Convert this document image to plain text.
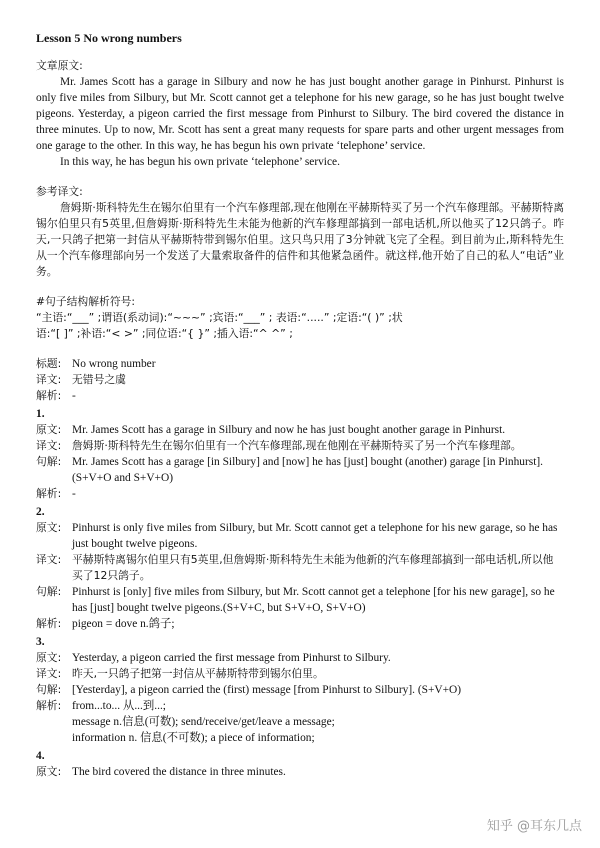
Lesson 5 No wrong numbers
文章原文:

Mr. James Scott has a garage in Silbury and now he has just bought another garage in Pinhurst. Pinhurst is only five miles from Silbury, but Mr. Scott cannot get a telephone for his new garage, so he has just bought twelve pigeons. Yesterday, a pigeon carried the first message from Pinhurst to Silbury. The bird covered the distance in three minutes. Up to now, Mr. Scott has sent a great many requests for spare parts and other urgent messages from one garage to the other. In this way, he has begun his own private ‘telephone’ service.

In this way, he has begun his own private ‘telephone’ service.

参考译文:

詹姆斯·斯科特先生在锡尔伯里有一个汽车修理部,现在他刚在平赫斯特买了另一个汽车修理部。平赫斯特离锡尔伯里只有5英里,但詹姆斯·斯科特先生未能为他新的汽车修理部搞到一部电话机,所以他买了12只鸽子。昨天,一只鸽子把第一封信从平赫斯特带到锡尔伯里。这只鸟只用了3分钟就飞完了全程。到目前为止,斯科特先生从一个汽车修理部向另一个发送了大量索取备件的信件和其他紧急函件。就这样,他开始了自己的私人“电话”业务。

#句子结构解析符号:
“主语:“___” ;谓语(系动词):“~~~” ;宾语:“___” ; 表语:“.....” ;定语:“( )” ;状
语:“[ ]” ;补语:“< >” ;同位语:“{ }” ;插入语:“^ ^” ;
标题: No wrong number
译文: 无错号之虞
解析: -
1.
原文: Mr. James Scott has a garage in Silbury and now he has just bought another garage in Pinhurst.
译文: 詹姆斯·斯科特先生在锡尔伯里有一个汽车修理部,现在他刚在平赫斯特买了另一个汽车修理部。
句解: Mr. James Scott has a garage [in Silbury] and [now] he has [just] bought (another) garage [in Pinhurst]. (S+V+O and S+V+O)
解析: -
2.
原文: Pinhurst is only five miles from Silbury, but Mr. Scott cannot get a telephone for his new garage, so he has just bought twelve pigeons.
译文: 平赫斯特离锡尔伯里只有5英里,但詹姆斯·斯科特先生未能为他新的汽车修理部搞到一部电话机,所以他买了12只鸽子。
句解: Pinhurst is [only] five miles from Silbury, but Mr. Scott cannot get a telephone [for his new garage], so he has [just] bought twelve pigeons.(S+V+C, but S+V+O, S+V+O)
解析: pigeon = dove n.鸽子;
3.
原文: Yesterday, a pigeon carried the first message from Pinhurst to Silbury.
译文: 昨天,一只鸽子把第一封信从平赫斯特带到锡尔伯里。
句解: [Yesterday], a pigeon carried the (first) message [from Pinhurst to Silbury]. (S+V+O)
解析: from...to... 从...到...;
message n.信息(可数); send/receive/get/leave a message;
information n. 信息(不可数); a piece of information;
4.
原文: The bird covered the distance in three minutes.
知乎 @耳东几点
